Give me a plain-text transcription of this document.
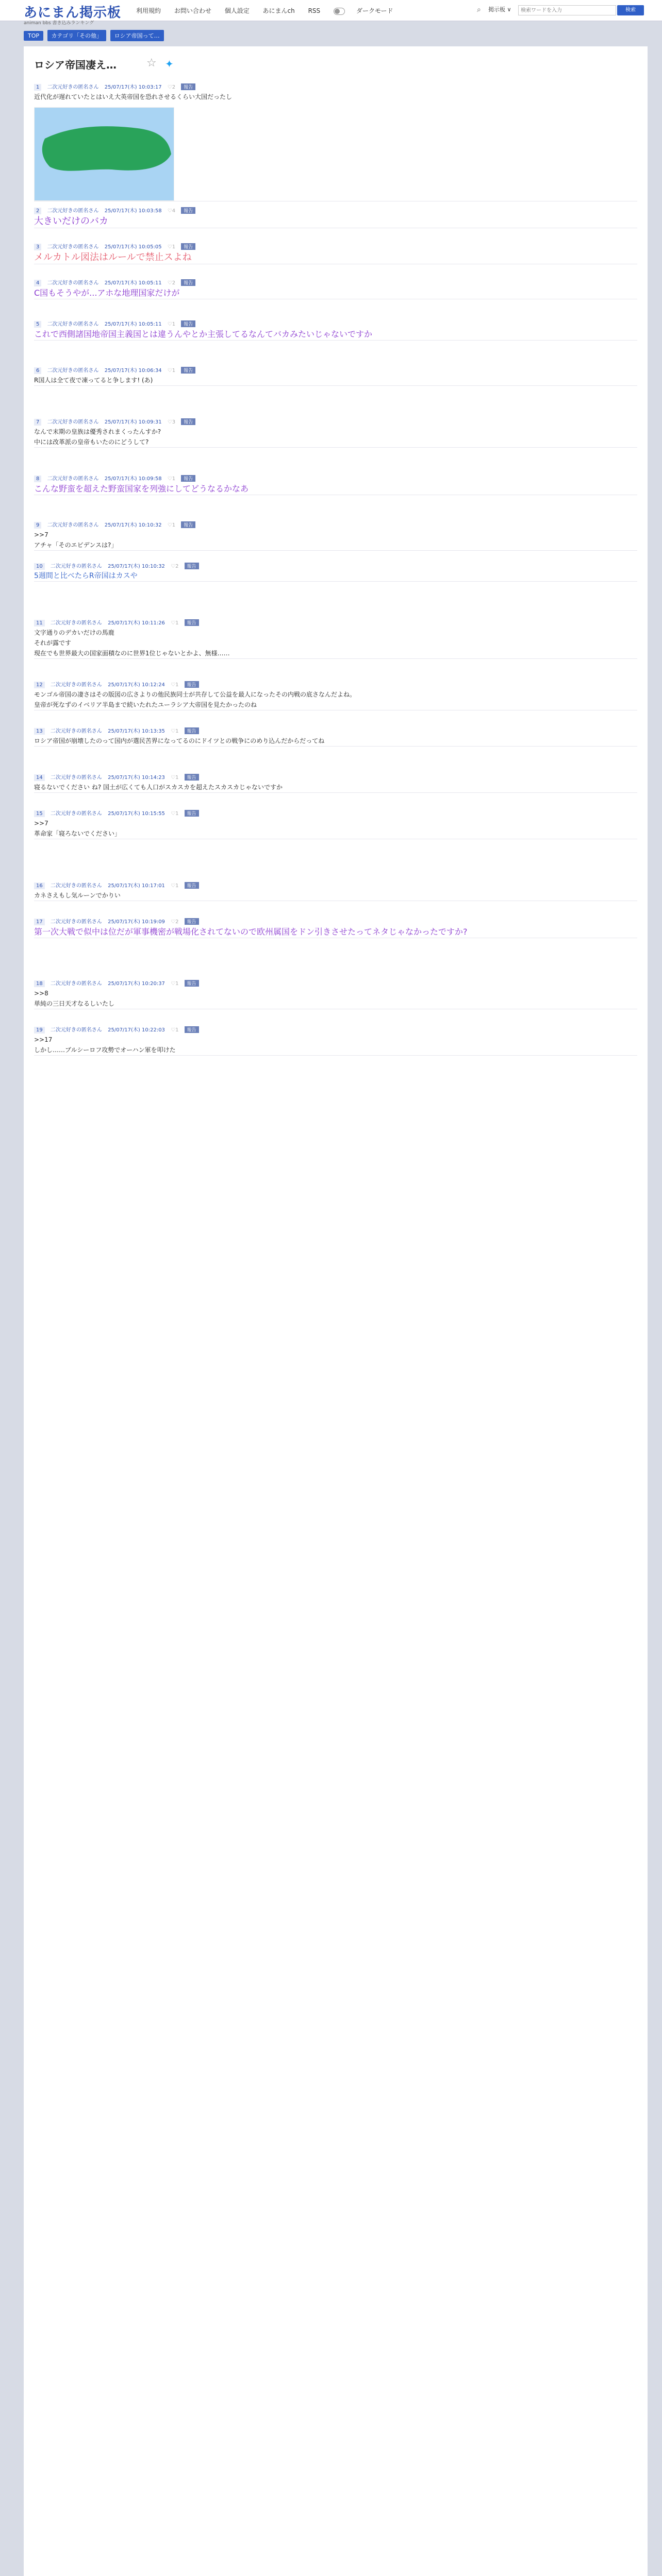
あにまん掲示板
animan bbs 書き込みランキング
利用規約 お問い合わせ 個人設定 あにまんch RSS	ダークモード	⌕ 掲示板 ∨
検索ワードを入力	検索
TOP カテゴリ「その他」 ロシア帝国って…
ロシア帝国凄え…	☆ ✦
1 二次元好きの匿名さん 25/07/17(木) 10:03:17 ♡2 報告
近代化が遅れていたとはいえ大英帝国を恐れさせるくらい大国だったし
2 二次元好きの匿名さん 25/07/17(木) 10:03:58 ♡4 報告
大きいだけのバカ
3 二次元好きの匿名さん 25/07/17(木) 10:05:05 ♡1 報告
メルカトル図法はルールで禁止スよね
4 二次元好きの匿名さん 25/07/17(木) 10:05:11 ♡2 報告
C国もそうやが...アホな地理国家だけが
5 二次元好きの匿名さん 25/07/17(木) 10:05:11 ♡1 報告
これで西側諸国地帝国主義国とは違うんやとか主張してるなんてバカみたいじゃないですか
6 二次元好きの匿名さん 25/07/17(木) 10:06:34 ♡1 報告
R国人は全て夜で凍ってると争します! (あ)
7 二次元好きの匿名さん 25/07/17(木) 10:09:31 ♡3 報告
なんで末期の皇族は優秀されまくったんすか?
中には改革派の皇帝もいたのにどうして?
8 二次元好きの匿名さん 25/07/17(木) 10:09:58 ♡1 報告
こんな野蛮を超えた野蛮国家を列強にしてどうなるかなあ
9 二次元好きの匿名さん 25/07/17(木) 10:10:32 ♡1 報告
>>7
アチャ「そのエビデンスは?」
10 二次元好きの匿名さん 25/07/17(木) 10:10:32 ♡2 報告
5週間と比べたらR帝国はカスや
11 二次元好きの匿名さん 25/07/17(木) 10:11:26 ♡1 報告
文字通りのデカいだけの馬鹿
それが露です
現在でも世界最大の国家面積なのに世界1位じゃないとかよ、無様……
12 二次元好きの匿名さん 25/07/17(木) 10:12:24 ♡1 報告
モンゴル帝国の凄さはその版図の広さよりの他民族同士が共存して公益を最人になったその内戦の底さなんだよね。
皇帝が死なずのイベリア半島まで続いたれたユーラシア大帝国を見たかったのね
13 二次元好きの匿名さん 25/07/17(木) 10:13:35 ♡1 報告
ロシア帝国が崩壊したのって国内が選民苦界になってるのにドイツとの戦争にのめり込んだからだってね
14 二次元好きの匿名さん 25/07/17(木) 10:14:23 ♡1 報告
寝るないでください ね? 国土が広くても人口がスカスカを超えたスカスカじゃないですか
15 二次元好きの匿名さん 25/07/17(木) 10:15:55 ♡1 報告
>>7
革命家「寝ろないでください」
16 二次元好きの匿名さん 25/07/17(木) 10:17:01 ♡1 報告
カネさえもし気ルーンでかりい
17 二次元好きの匿名さん 25/07/17(木) 10:19:09 ♡2 報告
第一次大戦で似中は位だが軍事機密が戦場化されてないので欧州属国をドン引きさせたってネタじゃなかったですか?
18 二次元好きの匿名さん 25/07/17(木) 10:20:37 ♡1 報告
>>8
単純の三日天才なるしいたし
19 二次元好きの匿名さん 25/07/17(木) 10:22:03 ♡1 報告
>>17
しかし……ブルシーロフ攻勢でオーハン軍を叩けた
